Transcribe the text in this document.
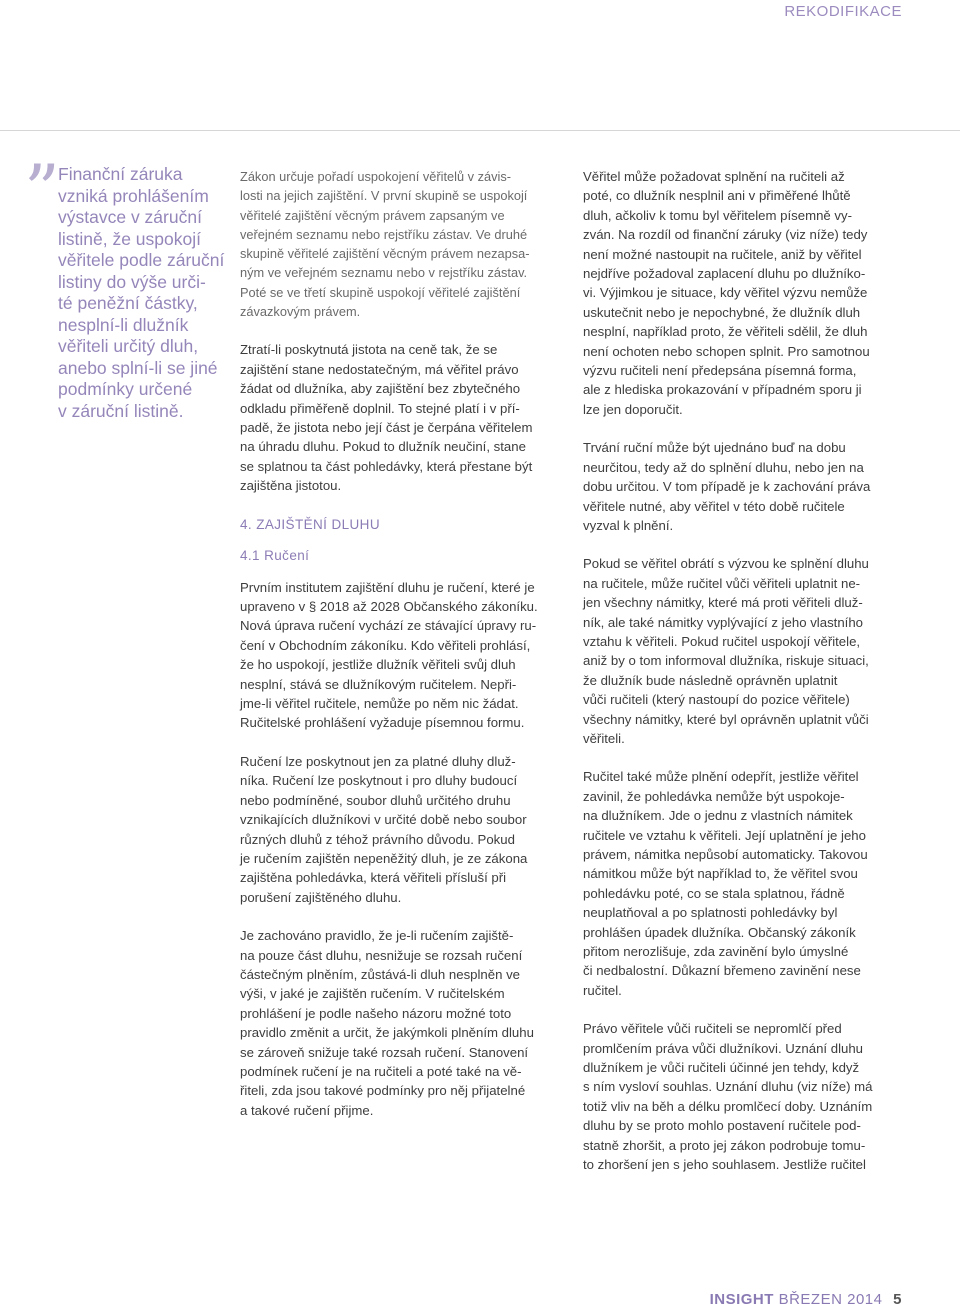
REKODIFIKACE
”
Finanční záruka
vzniká prohlášením
výstavce v záruční
listině, že uspokojí
věřitele podle záruční
listiny do výše urči-
té peněžní částky,
nesplní-li dlužník
věřiteli určitý dluh,
anebo splní-li se jiné
podmínky určené
v záruční listině.

Zákon určuje pořadí uspokojení věřitelů v závis-
losti na jejich zajištění. V první skupině se uspokojí
věřitelé zajištění věcným právem zapsaným ve
veřejném seznamu nebo rejstříku zástav. Ve druhé
skupině věřitelé zajištění věcným právem nezapsa-
ným ve veřejném seznamu nebo v rejstříku zástav.
Poté se ve třetí skupině uspokojí věřitelé zajištění
závazkovým právem.

Ztratí-li poskytnutá jistota na ceně tak, že se
zajištění stane nedostatečným, má věřitel právo
žádat od dlužníka, aby zajištění bez zbytečného
odkladu přiměřeně doplnil. To stejné platí i v pří-
padě, že jistota nebo její část je čerpána věřitelem
na úhradu dluhu. Pokud to dlužník neučiní, stane
se splatnou ta část pohledávky, která přestane být
zajištěna jistotou.

4. ZAJIŠTĚNÍ DLUHU
4.1 Ručení

Prvním institutem zajištění dluhu je ručení, které je
upraveno v § 2018 až 2028 Občanského zákoníku.
Nová úprava ručení vychází ze stávající úpravy ru-
čení v Obchodním zákoníku. Kdo věřiteli prohlásí,
že ho uspokojí, jestliže dlužník věřiteli svůj dluh
nesplní, stává se dlužníkovým ručitelem. Nepři-
jme-li věřitel ručitele, nemůže po něm nic žádat.
Ručitelské prohlášení vyžaduje písemnou formu.

Ručení lze poskytnout jen za platné dluhy dluž-
níka. Ručení lze poskytnout i pro dluhy budoucí
nebo podmíněné, soubor dluhů určitého druhu
vznikajících dlužníkovi v určité době nebo soubor
různých dluhů z téhož právního důvodu. Pokud
je ručením zajištěn nepeněžitý dluh, je ze zákona
zajištěna pohledávka, která věřiteli přísluší při
porušení zajištěného dluhu.

Je zachováno pravidlo, že je-li ručením zajiště-
na pouze část dluhu, nesnižuje se rozsah ručení
částečným plněním, zůstává-li dluh nesplněn ve
výši, v jaké je zajištěn ručením. V ručitelském
prohlášení je podle našeho názoru možné toto
pravidlo změnit a určit, že jakýmkoli plněním dluhu
se zároveň snižuje také rozsah ručení. Stanovení
podmínek ručení je na ručiteli a poté také na vě-
řiteli, zda jsou takové podmínky pro něj přijatelné
a takové ručení přijme.

Věřitel může požadovat splnění na ručiteli až
poté, co dlužník nesplnil ani v přiměřené lhůtě
dluh, ačkoliv k tomu byl věřitelem písemně vy-
zván. Na rozdíl od finanční záruky (viz níže) tedy
není možné nastoupit na ručitele, aniž by věřitel
nejdříve požadoval zaplacení dluhu po dlužníko-
vi. Výjimkou je situace, kdy věřitel výzvu nemůže
uskutečnit nebo je nepochybné, že dlužník dluh
nesplní, například proto, že věřiteli sdělil, že dluh
není ochoten nebo schopen splnit. Pro samotnou
výzvu ručiteli není předepsána písemná forma,
ale z hlediska prokazování v případném sporu ji
lze jen doporučit.

Trvání ruční může být ujednáno buď na dobu
neurčitou, tedy až do splnění dluhu, nebo jen na
dobu určitou. V tom případě je k zachování práva
věřitele nutné, aby věřitel v této době ručitele
vyzval k plnění.

Pokud se věřitel obrátí s výzvou ke splnění dluhu
na ručitele, může ručitel vůči věřiteli uplatnit ne-
jen všechny námitky, které má proti věřiteli dluž-
ník, ale také námitky vyplývající z jeho vlastního
vztahu k věřiteli. Pokud ručitel uspokojí věřitele,
aniž by o tom informoval dlužníka, riskuje situaci,
že dlužník bude následně oprávněn uplatnit
vůči ručiteli (který nastoupí do pozice věřitele)
všechny námitky, které byl oprávněn uplatnit vůči
věřiteli.

Ručitel také může plnění odepřít, jestliže věřitel
zavinil, že pohledávka nemůže být uspokoje-
na dlužníkem. Jde o jednu z vlastních námitek
ručitele ve vztahu k věřiteli. Její uplatnění je jeho
právem, námitka nepůsobí automaticky. Takovou
námitkou může být například to, že věřitel svou
pohledávku poté, co se stala splatnou, řádně
neuplatňoval a po splatnosti pohledávky byl
prohlášen úpadek dlužníka. Občanský zákoník
přitom nerozlišuje, zda zavinění bylo úmyslné
či nedbalostní. Důkazní břemeno zavinění nese
ručitel.

Právo věřitele vůči ručiteli se nepromlčí před
promlčením práva vůči dlužníkovi. Uznání dluhu
dlužníkem je vůči ručiteli účinné jen tehdy, když
s ním vysloví souhlas. Uznání dluhu (viz níže) má
totiž vliv na běh a délku promlčecí doby. Uznáním
dluhu by se proto mohlo postavení ručitele pod-
statně zhoršit, a proto jej zákon podrobuje tomu-
to zhoršení jen s jeho souhlasem. Jestliže ručitel

INSIGHT BŘEZEN 2014 5
